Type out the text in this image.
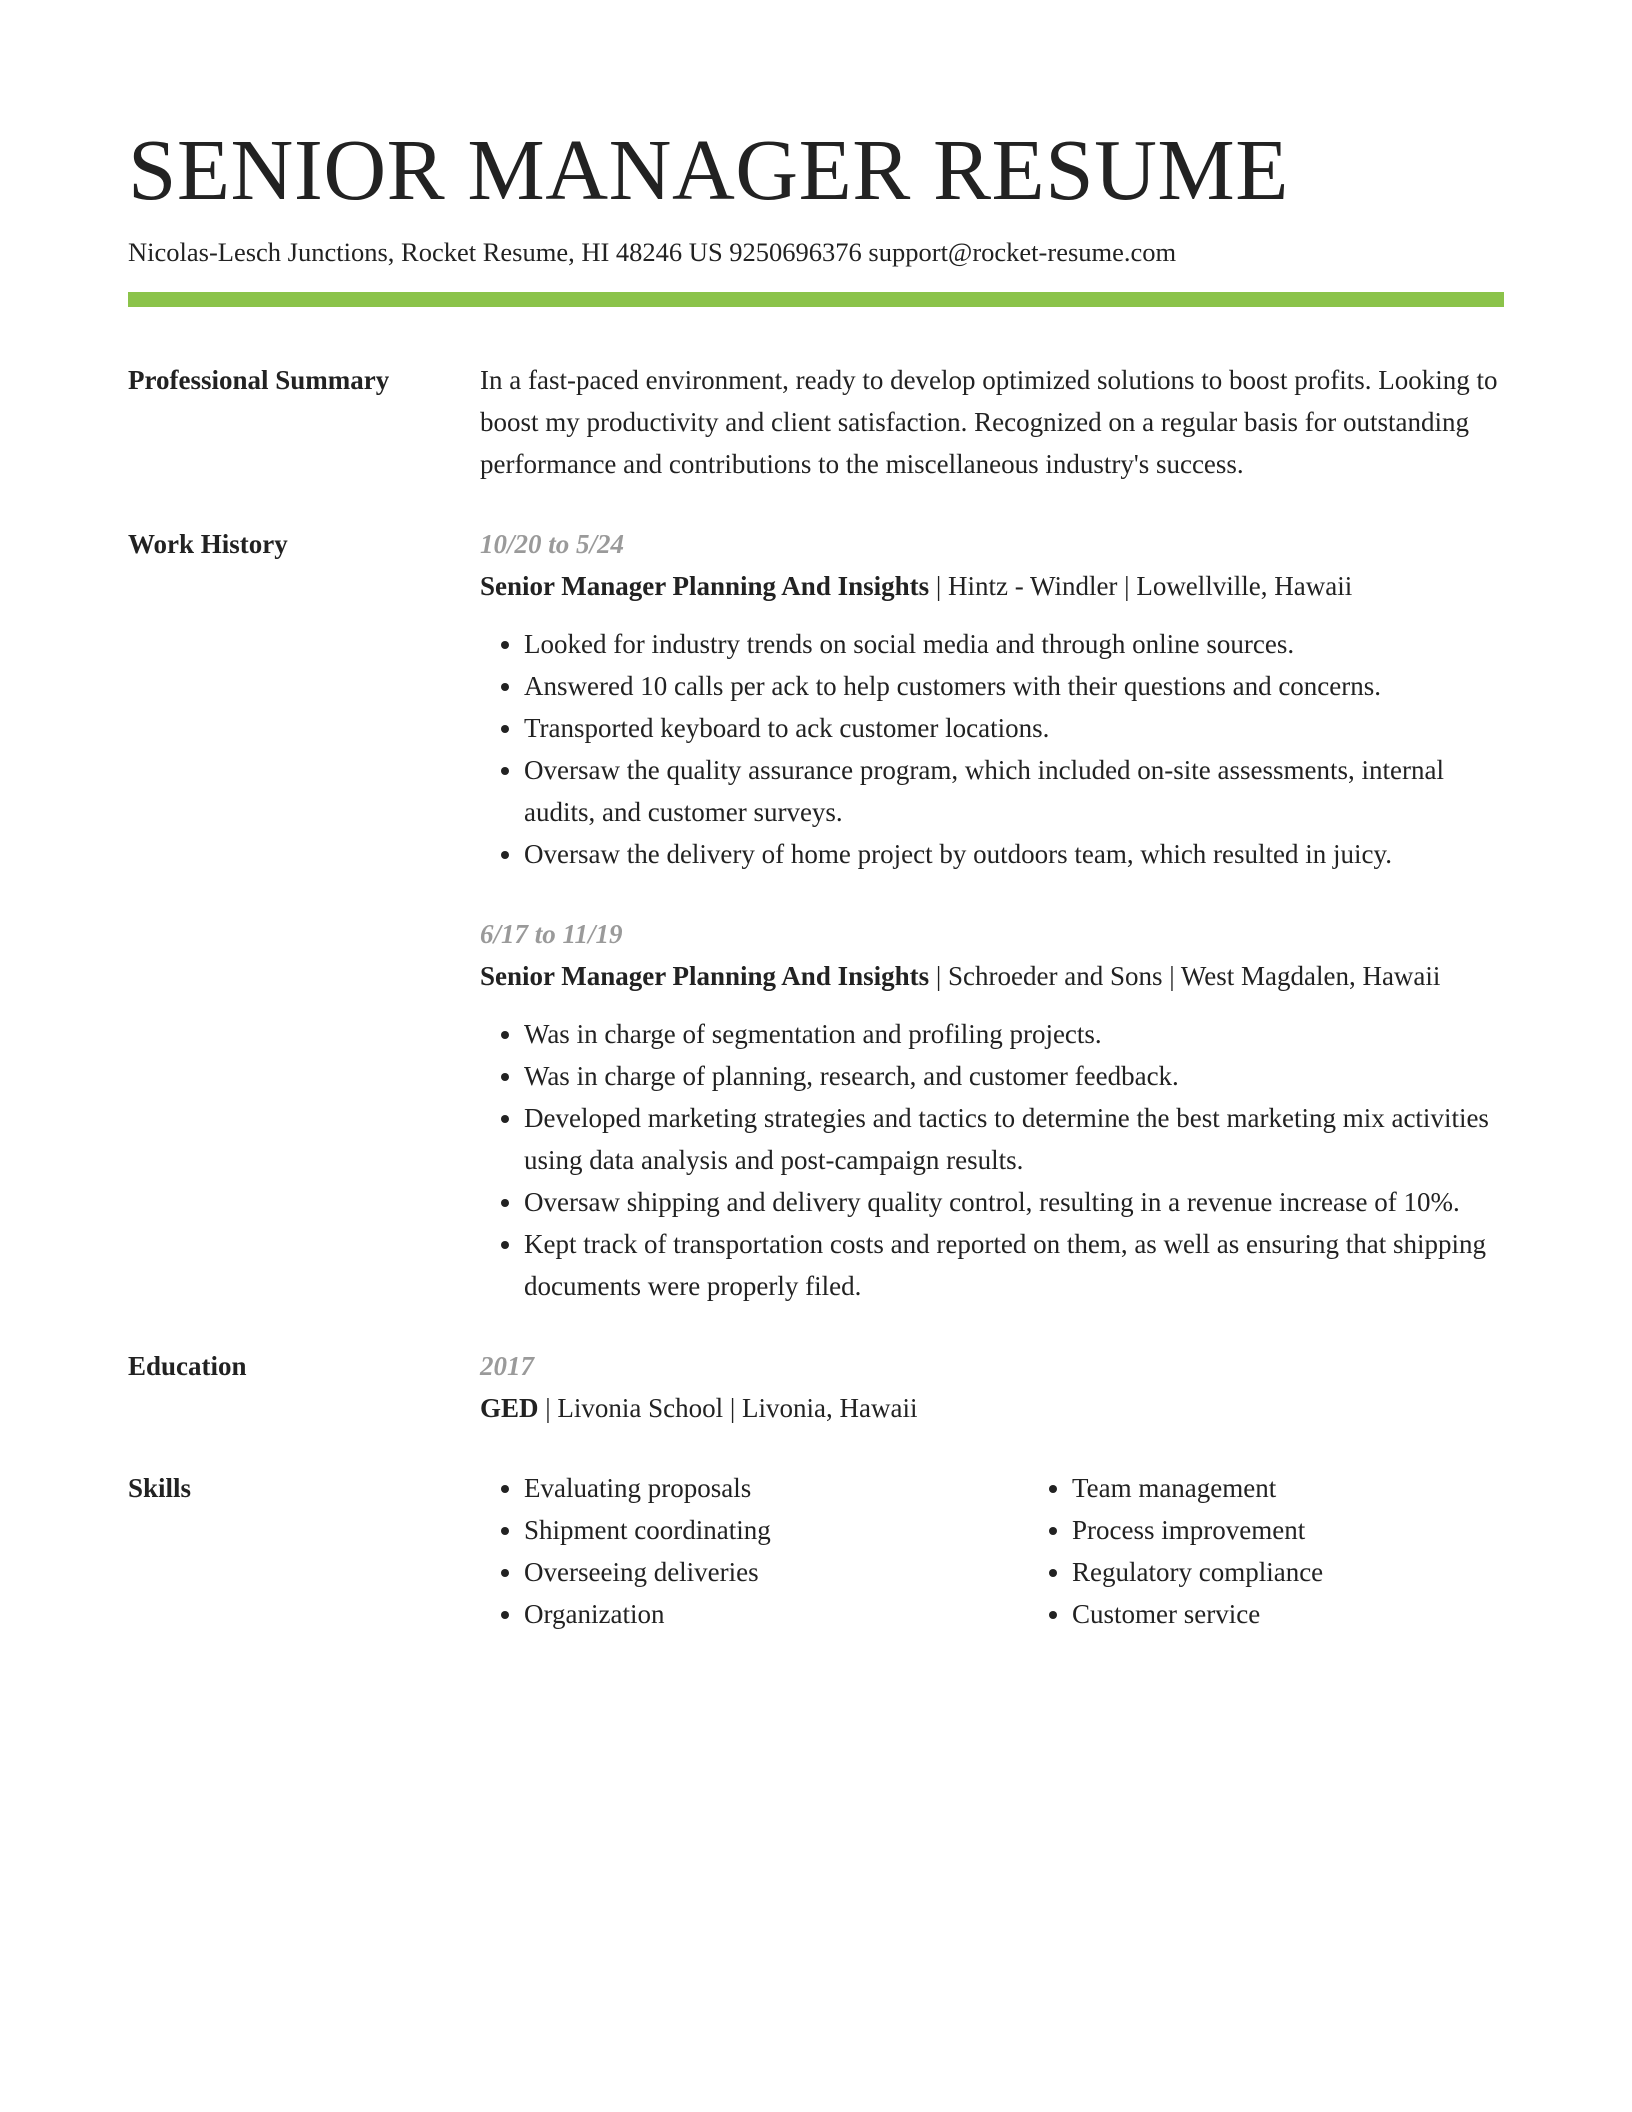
SENIOR MANAGER RESUME
Nicolas-Lesch Junctions, Rocket Resume, HI 48246 US 9250696376 support@rocket-resume.com
Professional Summary	In a fast-paced environment, ready to develop optimized solutions to boost profits. Looking to boost my productivity and client satisfaction. Recognized on a regular basis for outstanding performance and contributions to the miscellaneous industry's success.

Work History	10/20 to 5/24
Senior Manager Planning And Insights | Hintz - Windler | Lowellville, Hawaii
• Looked for industry trends on social media and through online sources.
• Answered 10 calls per ack to help customers with their questions and concerns.
• Transported keyboard to ack customer locations.
• Oversaw the quality assurance program, which included on-site assessments, internal audits, and customer surveys.
• Oversaw the delivery of home project by outdoors team, which resulted in juicy.
6/17 to 11/19
Senior Manager Planning And Insights | Schroeder and Sons | West Magdalen, Hawaii
• Was in charge of segmentation and profiling projects.
• Was in charge of planning, research, and customer feedback.
• Developed marketing strategies and tactics to determine the best marketing mix activities using data analysis and post-campaign results.
• Oversaw shipping and delivery quality control, resulting in a revenue increase of 10%.
• Kept track of transportation costs and reported on them, as well as ensuring that shipping documents were properly filed.
Education	2017
GED | Livonia School | Livonia, Hawaii
Skills
•	Evaluating proposals
• Shipment coordinating
• Overseeing deliveries
• Organization
• Team management
• Process improvement
• Regulatory compliance
• Customer service
